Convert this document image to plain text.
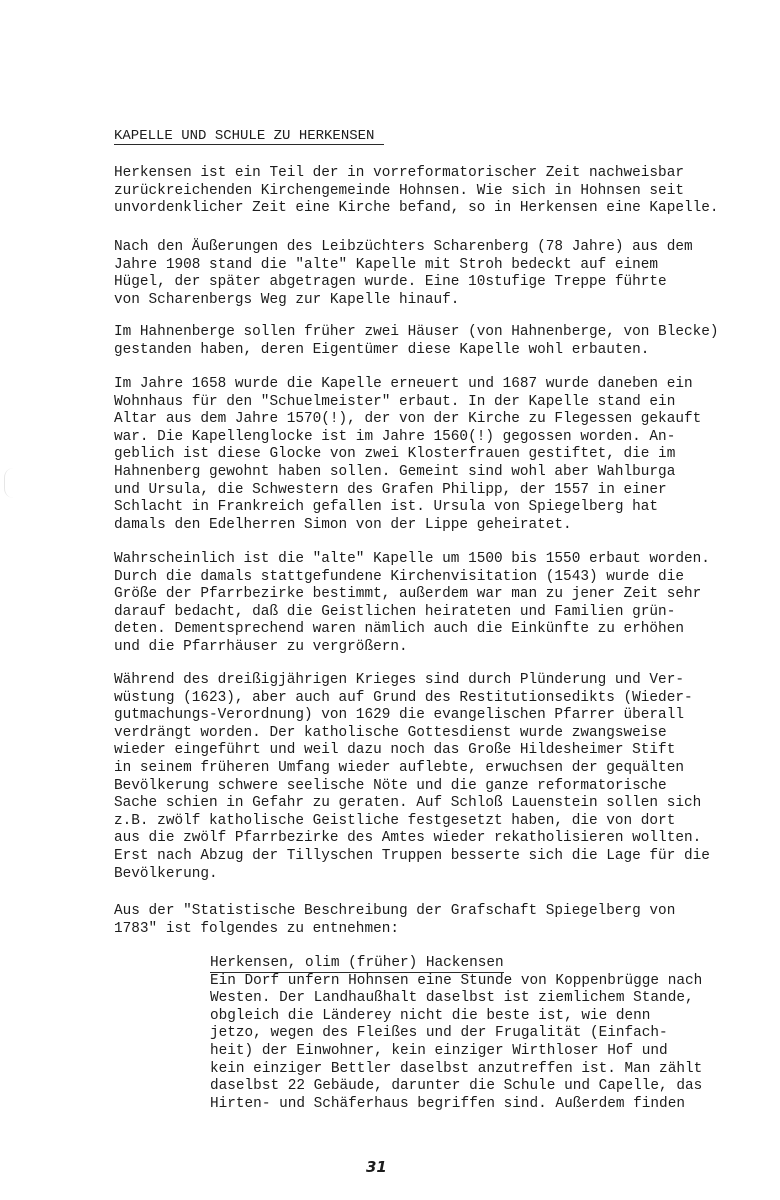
KAPELLE UND SCHULE ZU HERKENSEN
Herkensen ist ein Teil der in vorreformatorischer Zeit nachweisbar
zurückreichenden Kirchengemeinde Hohnsen. Wie sich in Hohnsen seit
unvordenklicher Zeit eine Kirche befand, so in Herkensen eine Kapelle.
Nach den Äußerungen des Leibzüchters Scharenberg (78 Jahre) aus dem
Jahre 1908 stand die "alte" Kapelle mit Stroh bedeckt auf einem
Hügel, der später abgetragen wurde. Eine 10stufige Treppe führte
von Scharenbergs Weg zur Kapelle hinauf.
Im Hahnenberge sollen früher zwei Häuser (von Hahnenberge, von Blecke)
gestanden haben, deren Eigentümer diese Kapelle wohl erbauten.
Im Jahre 1658 wurde die Kapelle erneuert und 1687 wurde daneben ein
Wohnhaus für den "Schuelmeister" erbaut. In der Kapelle stand ein
Altar aus dem Jahre 1570(!), der von der Kirche zu Flegessen gekauft
war. Die Kapellenglocke ist im Jahre 1560(!) gegossen worden. An-
geblich ist diese Glocke von zwei Klosterfrauen gestiftet, die im
Hahnenberg gewohnt haben sollen. Gemeint sind wohl aber Wahlburga
und Ursula, die Schwestern des Grafen Philipp, der 1557 in einer
Schlacht in Frankreich gefallen ist. Ursula von Spiegelberg hat
damals den Edelherren Simon von der Lippe geheiratet.
Wahrscheinlich ist die "alte" Kapelle um 1500 bis 1550 erbaut worden.
Durch die damals stattgefundene Kirchenvisitation (1543) wurde die
Größe der Pfarrbezirke bestimmt, außerdem war man zu jener Zeit sehr
darauf bedacht, daß die Geistlichen heirateten und Familien grün-
deten. Dementsprechend waren nämlich auch die Einkünfte zu erhöhen
und die Pfarrhäuser zu vergrößern.
Während des dreißigjährigen Krieges sind durch Plünderung und Ver-
wüstung (1623), aber auch auf Grund des Restitutionsedikts (Wieder-
gutmachungs-Verordnung) von 1629 die evangelischen Pfarrer überall
verdrängt worden. Der katholische Gottesdienst wurde zwangsweise
wieder eingeführt und weil dazu noch das Große Hildesheimer Stift
in seinem früheren Umfang wieder auflebte, erwuchsen der gequälten
Bevölkerung schwere seelische Nöte und die ganze reformatorische
Sache schien in Gefahr zu geraten. Auf Schloß Lauenstein sollen sich
z.B. zwölf katholische Geistliche festgesetzt haben, die von dort
aus die zwölf Pfarrbezirke des Amtes wieder rekatholisieren wollten.
Erst nach Abzug der Tillyschen Truppen besserte sich die Lage für die
Bevölkerung.
Aus der "Statistische Beschreibung der Grafschaft Spiegelberg von
1783" ist folgendes zu entnehmen:
Herkensen, olim (früher) Hackensen
Ein Dorf unfern Hohnsen eine Stunde von Koppenbrügge nach
Westen. Der Landhaußhalt daselbst ist ziemlichem Stande,
obgleich die Länderey nicht die beste ist, wie denn
jetzo, wegen des Fleißes und der Frugalität (Einfach-
heit) der Einwohner, kein einziger Wirthloser Hof und
kein einziger Bettler daselbst anzutreffen ist. Man zählt
daselbst 22 Gebäude, darunter die Schule und Capelle, das
Hirten- und Schäferhaus begriffen sind. Außerdem finden
31
